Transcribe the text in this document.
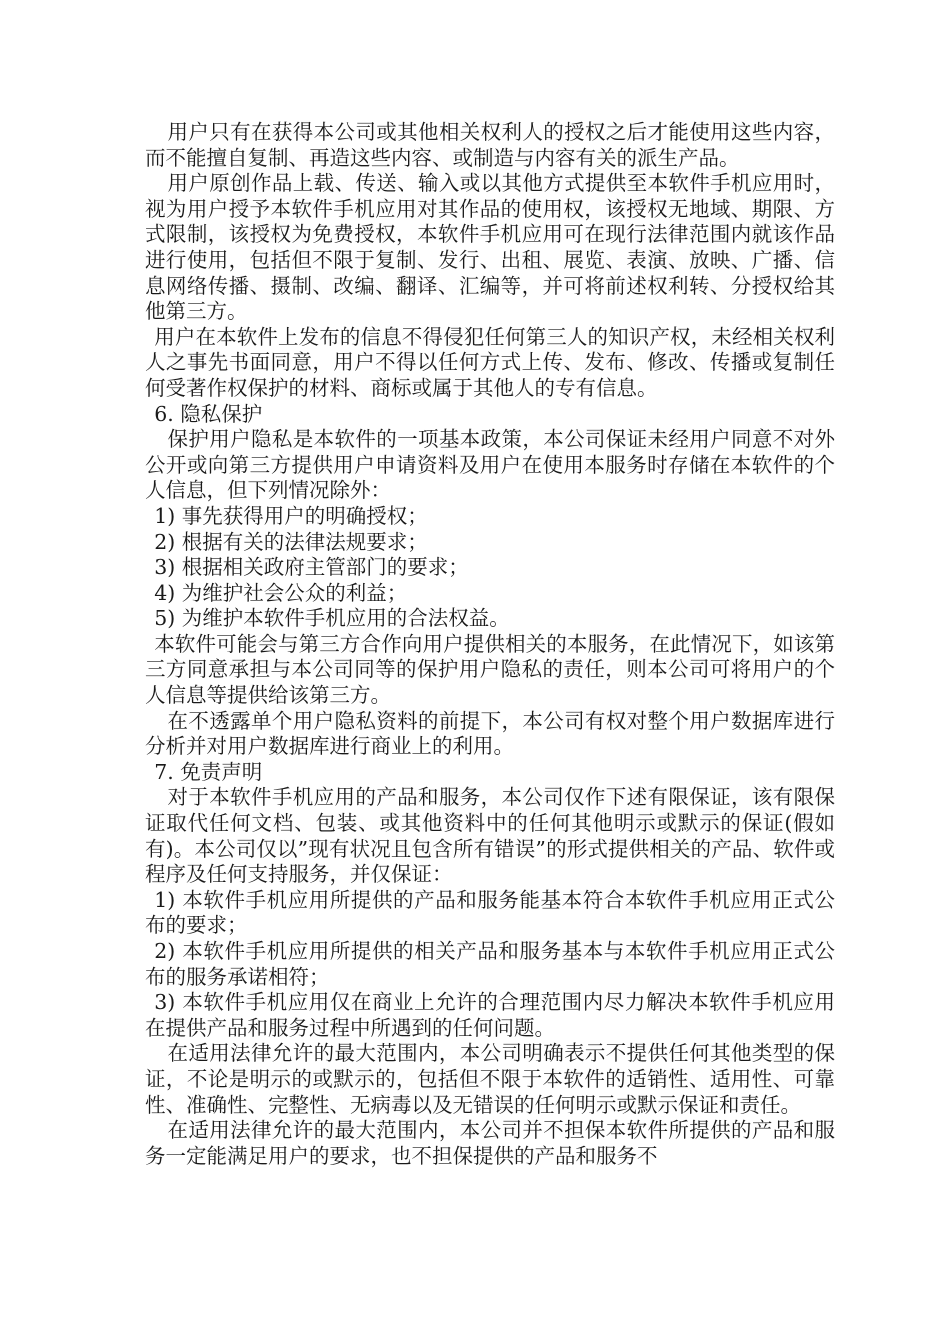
用户只有在获得本公司或其他相关权利人的授权之后才能使用这些内容，而不能擅自复制、再造这些内容、或制造与内容有关的派生产品。

用户原创作品上载、传送、输入或以其他方式提供至本软件手机应用时，视为用户授予本软件手机应用对其作品的使用权，该授权无地域、期限、方式限制，该授权为免费授权，本软件手机应用可在现行法律范围内就该作品进行使用，包括但不限于复制、发行、出租、展览、表演、放映、广播、信息网络传播、摄制、改编、翻译、汇编等，并可将前述权利转、分授权给其他第三方。

用户在本软件上发布的信息不得侵犯任何第三人的知识产权，未经相关权利人之事先书面同意，用户不得以任何方式上传、发布、修改、传播或复制任何受著作权保护的材料、商标或属于其他人的专有信息。

6. 隐私保护

保护用户隐私是本软件的一项基本政策，本公司保证未经用户同意不对外公开或向第三方提供用户申请资料及用户在使用本服务时存储在本软件的个人信息，但下列情况除外：

1) 事先获得用户的明确授权；

2) 根据有关的法律法规要求；

3) 根据相关政府主管部门的要求；

4) 为维护社会公众的利益；

5) 为维护本软件手机应用的合法权益。

本软件可能会与第三方合作向用户提供相关的本服务，在此情况下，如该第三方同意承担与本公司同等的保护用户隐私的责任，则本公司可将用户的个人信息等提供给该第三方。

在不透露单个用户隐私资料的前提下，本公司有权对整个用户数据库进行分析并对用户数据库进行商业上的利用。

7. 免责声明

对于本软件手机应用的产品和服务，本公司仅作下述有限保证，该有限保证取代任何文档、包装、或其他资料中的任何其他明示或默示的保证(假如有)。本公司仅以”现有状况且包含所有错误”的形式提供相关的产品、软件或程序及任何支持服务，并仅保证：

1) 本软件手机应用所提供的产品和服务能基本符合本软件手机应用正式公布的要求；

2) 本软件手机应用所提供的相关产品和服务基本与本软件手机应用正式公布的服务承诺相符；

3) 本软件手机应用仅在商业上允许的合理范围内尽力解决本软件手机应用在提供产品和服务过程中所遇到的任何问题。

在适用法律允许的最大范围内，本公司明确表示不提供任何其他类型的保证，不论是明示的或默示的，包括但不限于本软件的适销性、适用性、可靠性、准确性、完整性、无病毒以及无错误的任何明示或默示保证和责任。

在适用法律允许的最大范围内，本公司并不担保本软件所提供的产品和服务一定能满足用户的要求，也不担保提供的产品和服务不
